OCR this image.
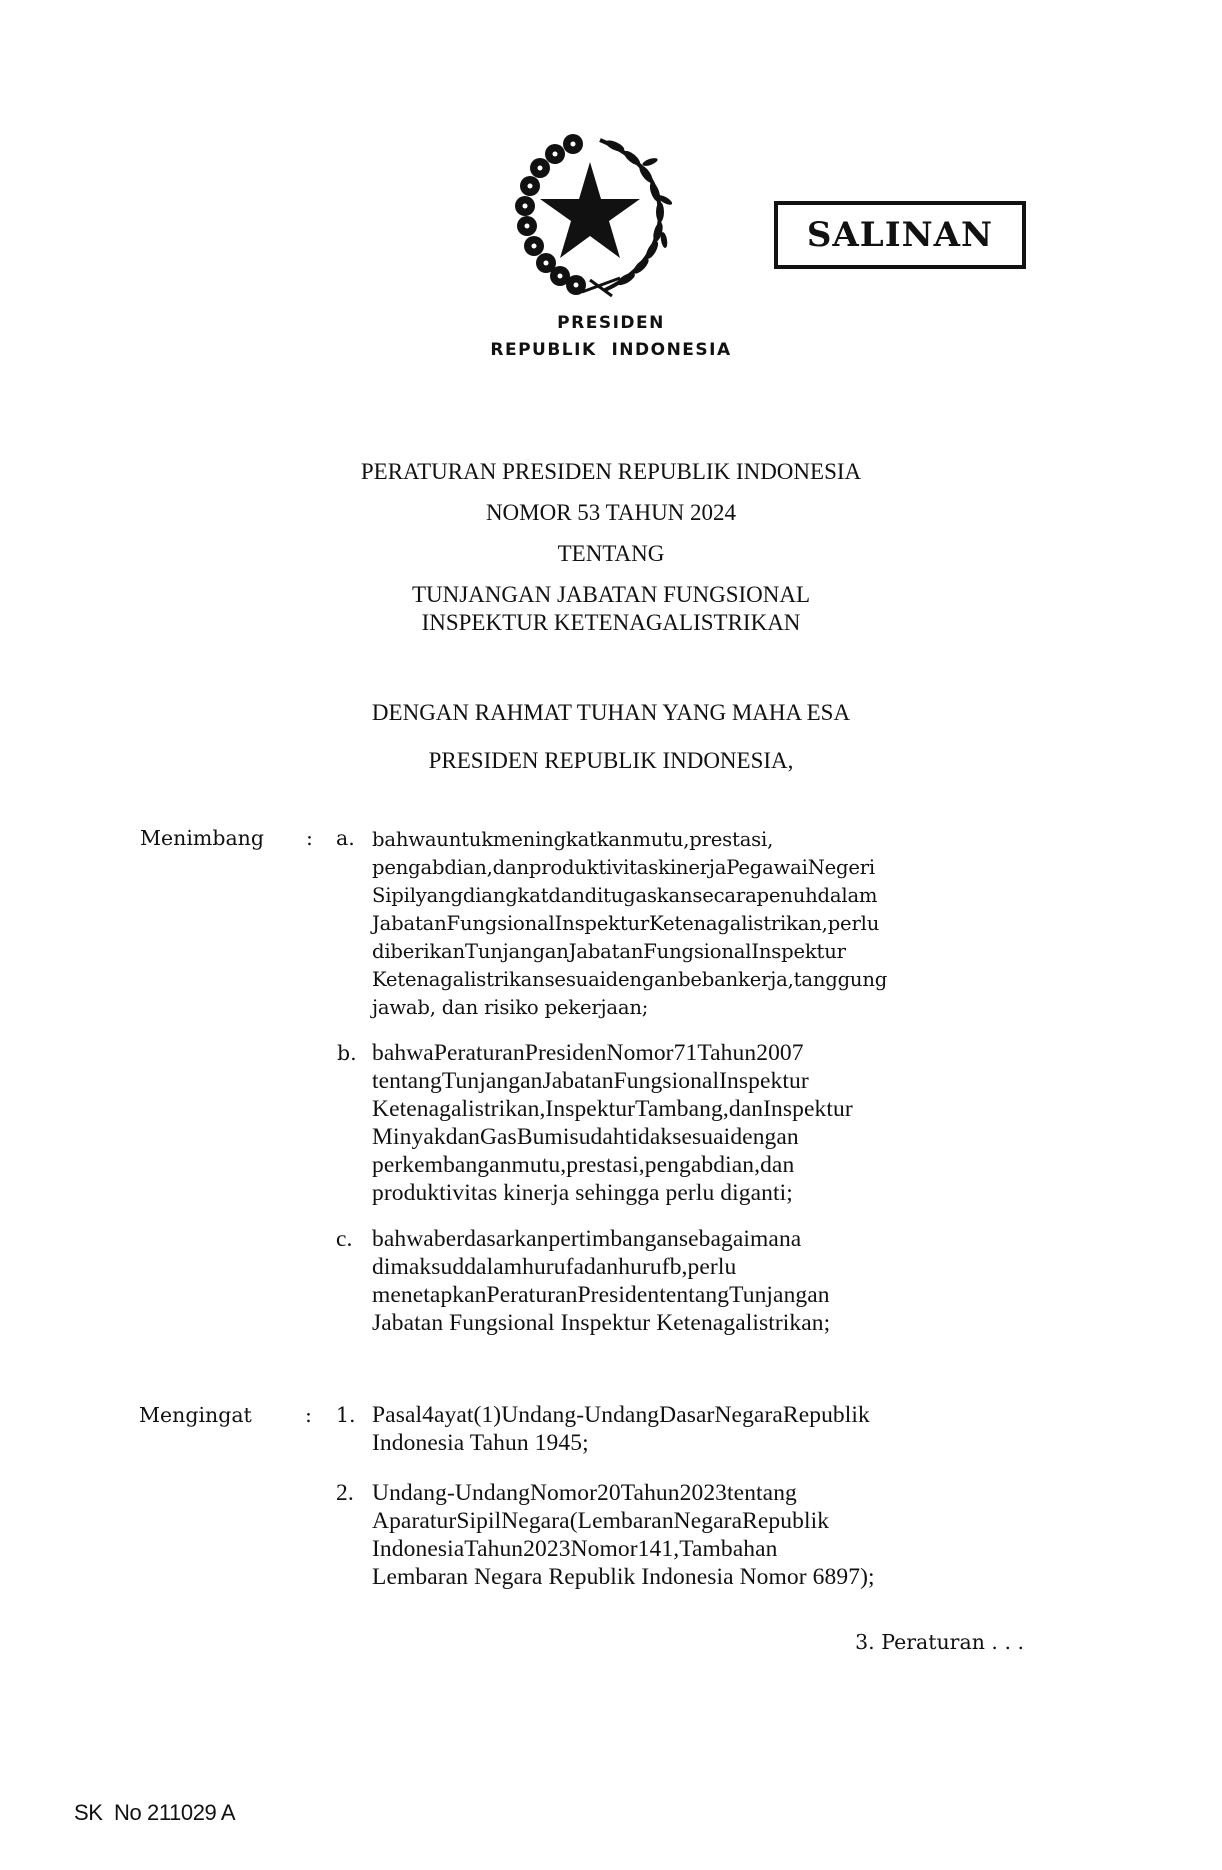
SALINAN
PRESIDEN
REPUBLIK  INDONESIA
PERATURAN PRESIDEN REPUBLIK INDONESIA
NOMOR 53 TAHUN 2024
TENTANG
TUNJANGAN JABATAN FUNGSIONAL
INSPEKTUR KETENAGALISTRIKAN
DENGAN RAHMAT TUHAN YANG MAHA ESA
PRESIDEN REPUBLIK INDONESIA,
Menimbang : a. bahwauntukmeningkatkanmutu,prestasi,
pengabdian,danproduktivitaskinerjaPegawaiNegeri
Sipilyangdiangkatdanditugaskansecarapenuhdalam
JabatanFungsionalInspekturKetenagalistrikan,perlu
diberikanTunjanganJabatanFungsionalInspektur
Ketenagalistrikansesuaidenganbebankerja,tanggung
jawab, dan risiko pekerjaan;
b. bahwaPeraturanPresidenNomor71Tahun2007
tentangTunjanganJabatanFungsionalInspektur
Ketenagalistrikan,InspekturTambang,danInspektur
MinyakdanGasBumisudahtidaksesuaidengan
perkembanganmutu,prestasi,pengabdian,dan
produktivitas kinerja sehingga perlu diganti;
c. bahwaberdasarkanpertimbangansebagaimana
dimaksuddalamhurufadanhurufb,perlu
menetapkanPeraturanPresidententangTunjangan
Jabatan Fungsional Inspektur Ketenagalistrikan;
Mengingat	: 1. Pasal4ayat(1)Undang-UndangDasarNegaraRepublik
Indonesia Tahun 1945;
2. Undang-UndangNomor20Tahun2023tentang
AparaturSipilNegara(LembaranNegaraRepublik
IndonesiaTahun2023Nomor141,Tambahan
Lembaran Negara Republik Indonesia Nomor 6897);
3. Peraturan . . .
SK  No 211029 A
